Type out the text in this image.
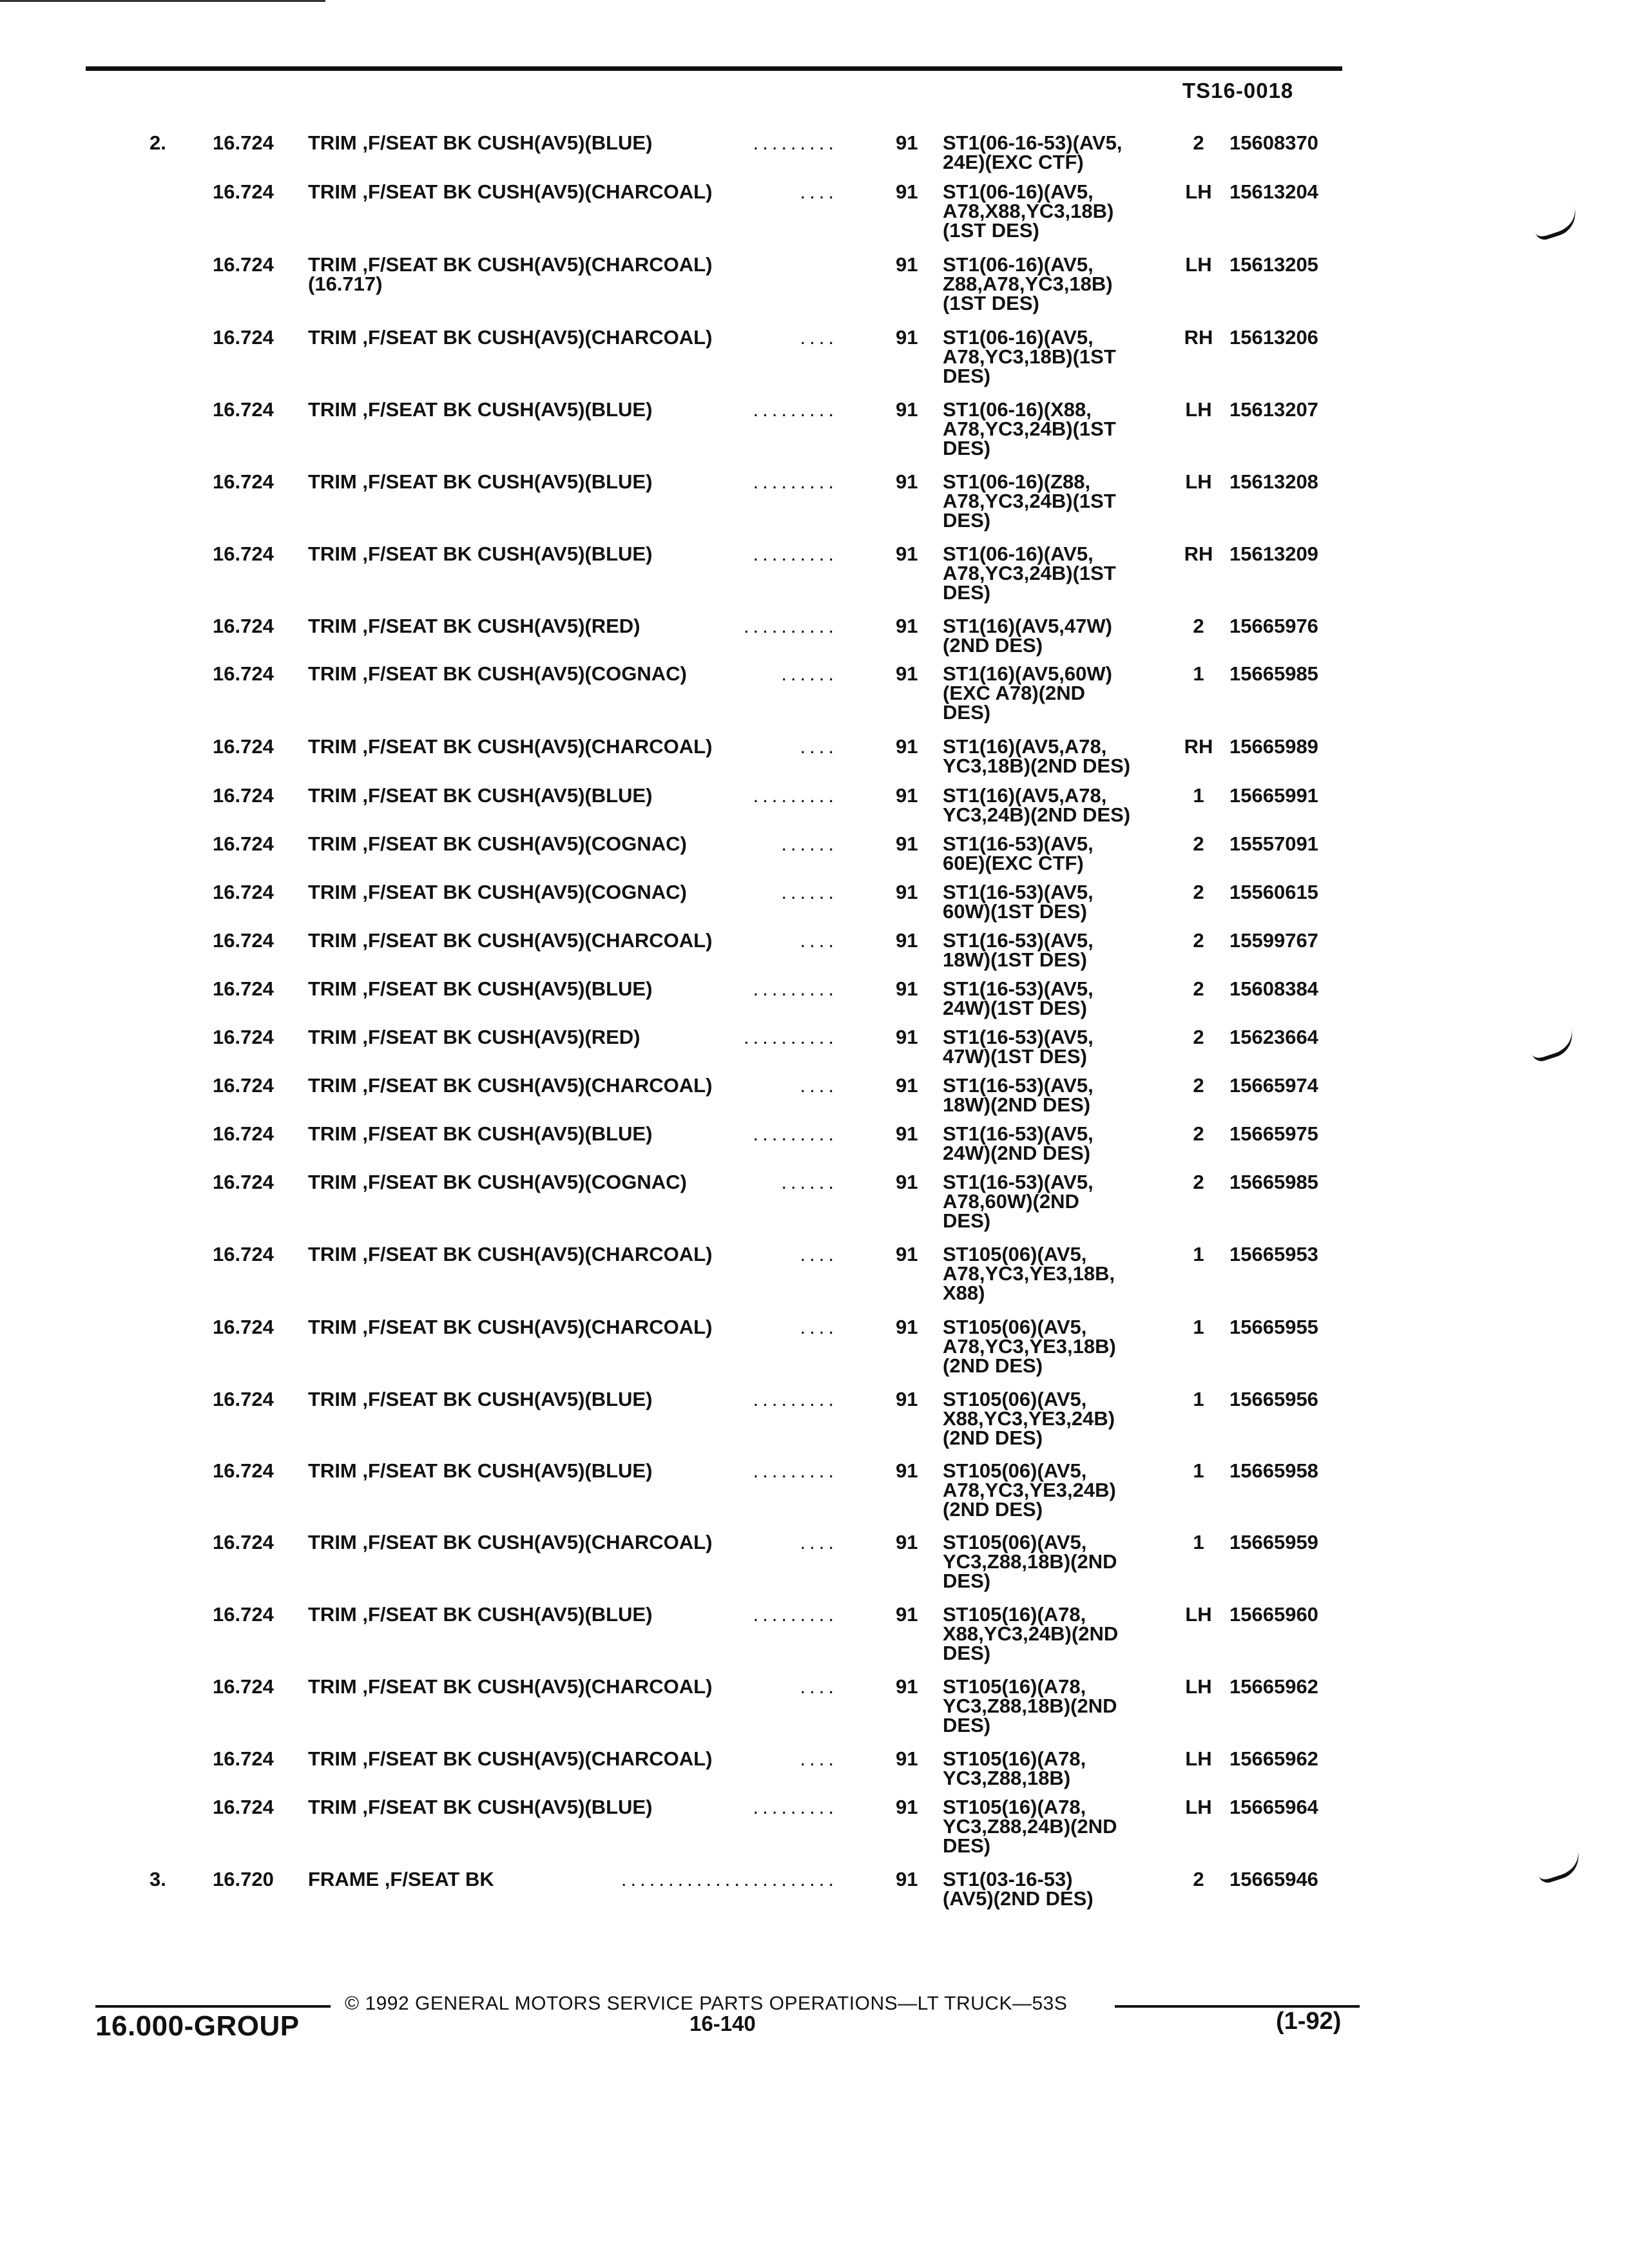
TS16-0018
2.	16.724 TRIM ,F/SEAT BK CUSH(AV5)(BLUE)	.........	91 ST1(06-16-53)(AV5,
24E)(EXC CTF)
2	15608370
16.724 TRIM ,F/SEAT BK CUSH(AV5)(CHARCOAL)	....	91 ST1(06-16)(AV5,
A78,X88,YC3,18B)
(1ST DES)
LH 15613204
16.724 TRIM ,F/SEAT BK CUSH(AV5)(CHARCOAL)
(16.717)
91 ST1(06-16)(AV5,
Z88,A78,YC3,18B)
(1ST DES)
LH 15613205
16.724 TRIM ,F/SEAT BK CUSH(AV5)(CHARCOAL)	....	91 ST1(06-16)(AV5,
A78,YC3,18B)(1ST
DES)
RH 15613206
16.724 TRIM ,F/SEAT BK CUSH(AV5)(BLUE)	.........	91 ST1(06-16)(X88,
A78,YC3,24B)(1ST
DES)
LH 15613207
16.724 TRIM ,F/SEAT BK CUSH(AV5)(BLUE)	.........	91 ST1(06-16)(Z88,
A78,YC3,24B)(1ST
DES)
LH 15613208
16.724 TRIM ,F/SEAT BK CUSH(AV5)(BLUE)	.........	91 ST1(06-16)(AV5,
A78,YC3,24B)(1ST
DES)
RH 15613209
16.724 TRIM ,F/SEAT BK CUSH(AV5)(RED)	..........	91 ST1(16)(AV5,47W)
(2ND DES)
2	15665976
16.724 TRIM ,F/SEAT BK CUSH(AV5)(COGNAC)	......	91 ST1(16)(AV5,60W)
(EXC A78)(2ND
DES)
1	15665985
16.724 TRIM ,F/SEAT BK CUSH(AV5)(CHARCOAL)	....	91 ST1(16)(AV5,A78,
YC3,18B)(2ND DES)
RH 15665989
16.724 TRIM ,F/SEAT BK CUSH(AV5)(BLUE)	.........	91 ST1(16)(AV5,A78,
YC3,24B)(2ND DES)
1	15665991
16.724 TRIM ,F/SEAT BK CUSH(AV5)(COGNAC)	......	91 ST1(16-53)(AV5,
60E)(EXC CTF)
2	15557091
16.724 TRIM ,F/SEAT BK CUSH(AV5)(COGNAC)	......	91 ST1(16-53)(AV5,
60W)(1ST DES)
2	15560615
16.724 TRIM ,F/SEAT BK CUSH(AV5)(CHARCOAL)	....	91 ST1(16-53)(AV5,
18W)(1ST DES)
2	15599767
16.724 TRIM ,F/SEAT BK CUSH(AV5)(BLUE)	.........	91 ST1(16-53)(AV5,
24W)(1ST DES)
2	15608384
16.724 TRIM ,F/SEAT BK CUSH(AV5)(RED)	..........	91 ST1(16-53)(AV5,
47W)(1ST DES)
2	15623664
16.724 TRIM ,F/SEAT BK CUSH(AV5)(CHARCOAL)	....	91 ST1(16-53)(AV5,
18W)(2ND DES)
2	15665974
16.724 TRIM ,F/SEAT BK CUSH(AV5)(BLUE)	.........	91 ST1(16-53)(AV5,
24W)(2ND DES)
2	15665975
16.724 TRIM ,F/SEAT BK CUSH(AV5)(COGNAC)	......	91 ST1(16-53)(AV5,
A78,60W)(2ND
DES)
2	15665985
16.724 TRIM ,F/SEAT BK CUSH(AV5)(CHARCOAL)	....	91 ST105(06)(AV5,
A78,YC3,YE3,18B,
X88)
1	15665953
16.724 TRIM ,F/SEAT BK CUSH(AV5)(CHARCOAL)	....	91 ST105(06)(AV5,
A78,YC3,YE3,18B)
(2ND DES)
1	15665955
16.724 TRIM ,F/SEAT BK CUSH(AV5)(BLUE)	.........	91 ST105(06)(AV5,
X88,YC3,YE3,24B)
(2ND DES)
1	15665956
16.724 TRIM ,F/SEAT BK CUSH(AV5)(BLUE)	.........	91 ST105(06)(AV5,
A78,YC3,YE3,24B)
(2ND DES)
1	15665958
16.724 TRIM ,F/SEAT BK CUSH(AV5)(CHARCOAL)	....	91 ST105(06)(AV5,
YC3,Z88,18B)(2ND
DES)
1	15665959
16.724 TRIM ,F/SEAT BK CUSH(AV5)(BLUE)	.........	91 ST105(16)(A78,
X88,YC3,24B)(2ND
DES)
LH 15665960
16.724 TRIM ,F/SEAT BK CUSH(AV5)(CHARCOAL)	....	91 ST105(16)(A78,
YC3,Z88,18B)(2ND
DES)
LH 15665962
16.724 TRIM ,F/SEAT BK CUSH(AV5)(CHARCOAL)	....	91 ST105(16)(A78,
YC3,Z88,18B)
LH 15665962
16.724 TRIM ,F/SEAT BK CUSH(AV5)(BLUE)	.........	91 ST105(16)(A78,
YC3,Z88,24B)(2ND
DES)
LH 15665964
3.	16.720 FRAME ,F/SEAT BK	.......................	91 ST1(03-16-53)
(AV5)(2ND DES)
2	15665946
© 1992 GENERAL MOTORS SERVICE PARTS OPERATIONS—LT TRUCK—53S
16.000-GROUP	16-140	(1-92)
